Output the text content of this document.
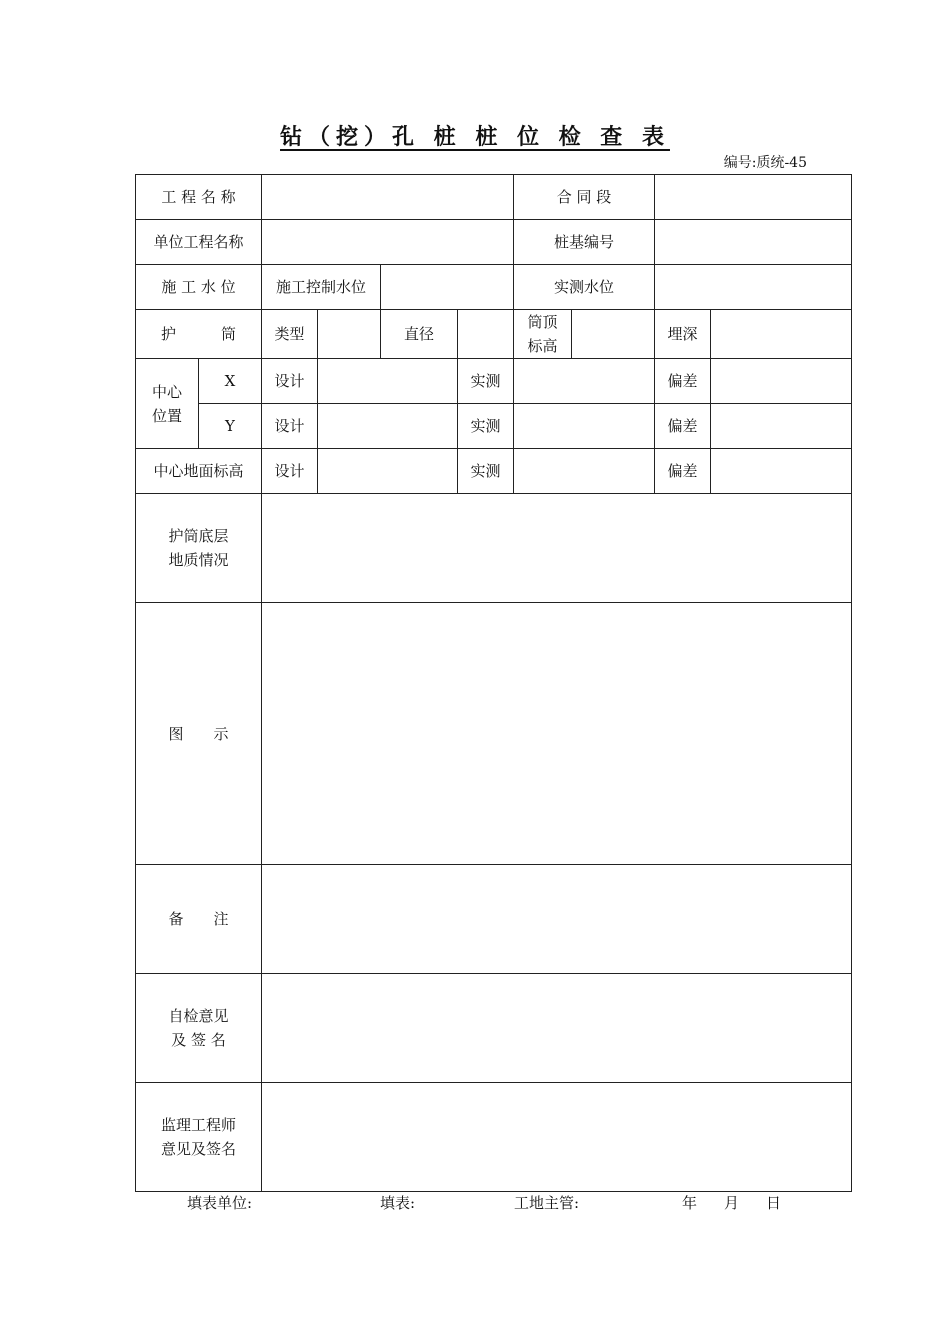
钻（挖）孔 桩 桩 位 检 查 表
编号:质统-45
工 程 名 称						合 同 段			
单位工程名称						桩基编号			
施 工 水 位		施工控制水位				实测水位			
护　　　筒		类型		直径		筒顶标高		埋深	
中心位置	X	设计			实测			偏差	
	Y	设计			实测			偏差	
中心地面标高		设计			实测			偏差	
护筒底层地质情况									
图　　示									
备　　注									
自检意见及 签 名									
监理工程师意见及签名									
填表单位:	填表:	工地主管:	年 月 日
